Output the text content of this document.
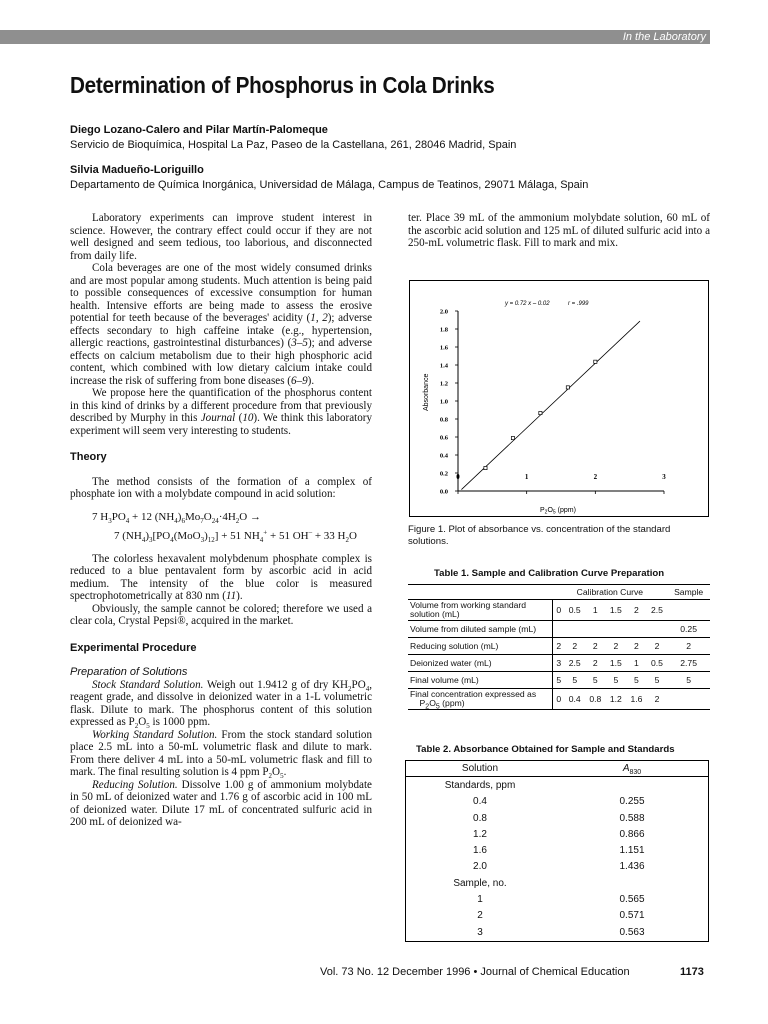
In the Laboratory
Determination of Phosphorus in Cola Drinks
Diego Lozano-Calero and Pilar Martín-Palomeque
Servicio de Bioquímica, Hospital La Paz, Paseo de la Castellana, 261, 28046 Madrid, Spain
Silvia Madueño-Loriguillo
Departamento de Química Inorgánica, Universidad de Málaga, Campus de Teatinos, 29071 Málaga, Spain

Laboratory experiments can improve student interest in science. However, the contrary effect could occur if they are not well designed and seem tedious, too laborious, and disconnected from daily life.

Cola beverages are one of the most widely consumed drinks and are most popular among students. Much attention is being paid to possible consequences of excessive consumption for human health. Intensive efforts are being made to assess the erosive potential for teeth because of the beverages' acidity (1, 2); adverse effects secondary to high caffeine intake (e.g., hypertension, allergic reactions, gastrointestinal disturbances) (3–5); and adverse effects on calcium metabolism due to their high phosphoric acid content, which combined with low dietary calcium intake could increase the risk of suffering from bone diseases (6–9).

We propose here the quantification of the phosphorus content in this kind of drinks by a different procedure from that previously described by Murphy in this Journal (10). We think this laboratory experiment will seem very interesting to students.

Theory

The method consists of the formation of a complex of phosphate ion with a molybdate compound in acid solution:

7 $H_3PO_4 + 12$ $(NH_4)_6Mo_7O_{24}\cdot 4H_2O$ →

7 $(NH_4)_3[PO_4(MoO_3)_{12}] + 51$ $NH_4^+ + 51$ OH– + 33 $H_2O$

The colorless hexavalent molybdenum phosphate complex is reduced to a blue pentavalent form by ascorbic acid in acid medium. The intensity of the blue color is measured spectrophotometrically at 830 nm (11).

Obviously, the sample cannot be colored; therefore we used a clear cola, Crystal Pepsi®, acquired in the market.

Experimental Procedure

Preparation of Solutions

Stock Standard Solution. Weigh out 1.9412 g of dry $KH_2PO_4$, reagent grade, and dissolve in deionized water in a 1-L volumetric flask. Dilute to mark. The phosphorus content of this solution expressed as $P_2O_5$ is 1000 ppm.

Working Standard Solution. From the stock standard solution place 2.5 mL into a 50-mL volumetric flask and dilute to mark. From there deliver 4 mL into a 50-mL volumetric flask and fill to mark. The final resulting solution is 4 ppm $P_2O_5$.

Reducing Solution. Dissolve 1.00 g of ammonium molybdate in 50 mL of deionized water and 1.76 g of ascorbic acid in 100 mL of deionized water. Dilute 17 mL of concentrated sulfuric acid in 200 mL of deionized wa-

ter. Place 39 mL of the ammonium molybdate solution, 60 mL of the ascorbic acid solution and 125 mL of diluted sulfuric acid into a 250-mL volumetric flask. Fill to mark and mix.

0.0
0.2
0.4
0.6
0.8
1.0
1.2
1.4
1.6
1.8
2.0
0	1	2	3
y = 0.72 x – 0.02	r = .999
Absorbance
$P_2O_5$ (ppm)
Figure 1. Plot of absorbance vs. concentration of the standard solutions.
Table 1. Sample and Calibration Curve Preparation
	Calibration Curve						Sample
Volume from working standard solution (mL)	0	0.5	1	1.5	2	2.5	
Volume from diluted sample (mL)							0.25
Reducing solution (mL)	2	2	2	2	2	2	2
Deionized water (mL)	3	2.5	2	1.5	1	0.5	2.75
Final volume (mL)	5	5	5	5	5	5	5
Final concentration expressed as
$P_2O_5$ (ppm)	0	0.4	0.8	1.2	1.6	2	
Table 2. Absorbance Obtained for Sample and Standards
Solution	$A_{830}$
Standards, ppm	
0.4	0.255
0.8	0.588
1.2	0.866
1.6	1.151
2.0	1.436
Sample, no.	
1	0.565
2	0.571
3	0.563
Vol. 73 No. 12 December 1996 • Journal of Chemical Education	1173
